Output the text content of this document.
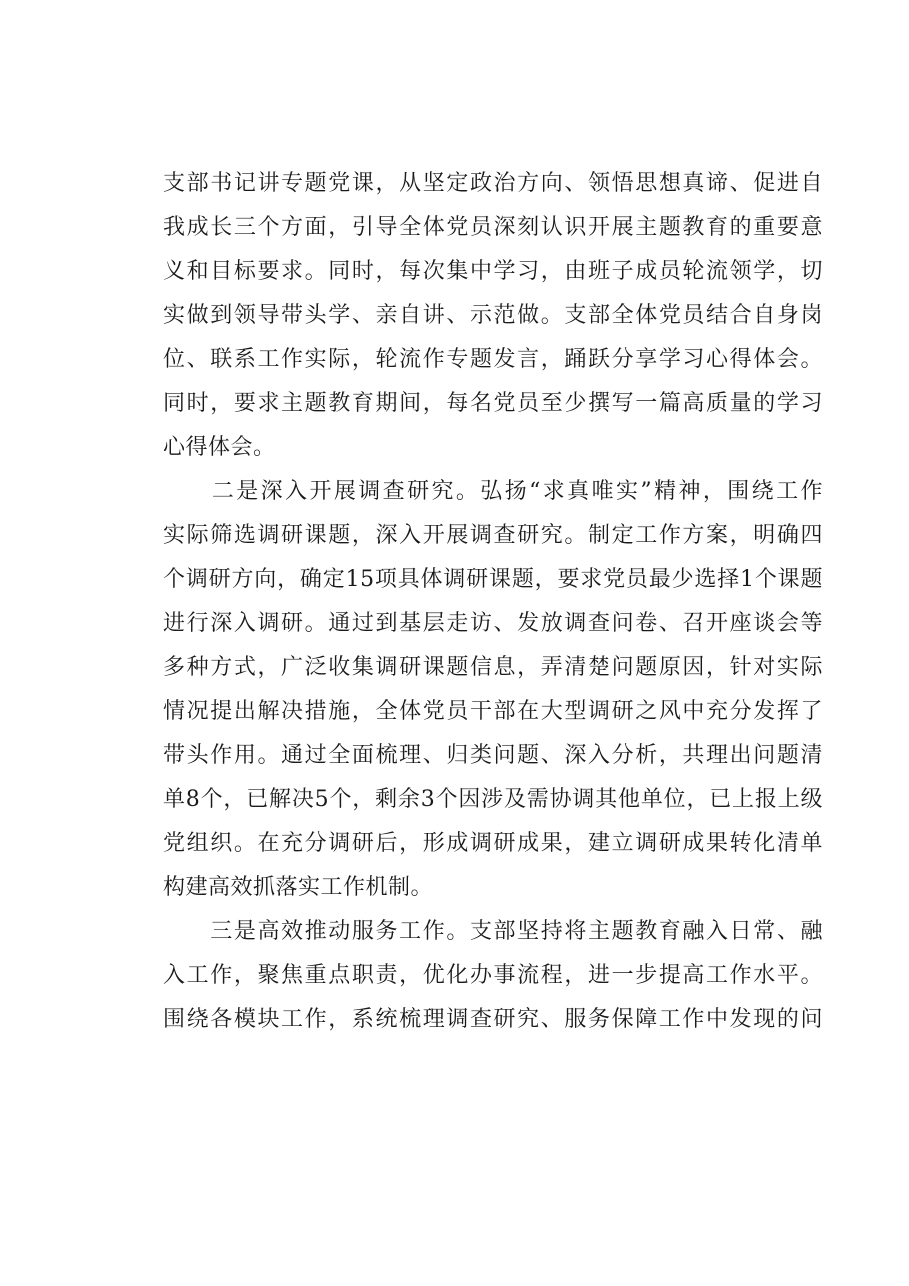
支部书记讲专题党课，从坚定政治方向、领悟思想真谛、促进自
我成长三个方面，引导全体党员深刻认识开展主题教育的重要意
义和目标要求。同时，每次集中学习，由班子成员轮流领学，切
实做到领导带头学、亲自讲、示范做。支部全体党员结合自身岗
位、联系工作实际，轮流作专题发言，踊跃分享学习心得体会。
同时，要求主题教育期间，每名党员至少撰写一篇高质量的学习
心得体会。
　　二是深入开展调查研究。弘扬“求真唯实”精神，围绕工作
实际筛选调研课题，深入开展调查研究。制定工作方案，明确四
个调研方向，确定15项具体调研课题，要求党员最少选择1个课题
进行深入调研。通过到基层走访、发放调查问卷、召开座谈会等
多种方式，广泛收集调研课题信息，弄清楚问题原因，针对实际
情况提出解决措施，全体党员干部在大型调研之风中充分发挥了
带头作用。通过全面梳理、归类问题、深入分析，共理出问题清
单8个，已解决5个，剩余3个因涉及需协调其他单位，已上报上级
党组织。在充分调研后，形成调研成果，建立调研成果转化清单
构建高效抓落实工作机制。
　　三是高效推动服务工作。支部坚持将主题教育融入日常、融
入工作，聚焦重点职责，优化办事流程，进一步提高工作水平。
围绕各模块工作，系统梳理调查研究、服务保障工作中发现的问
